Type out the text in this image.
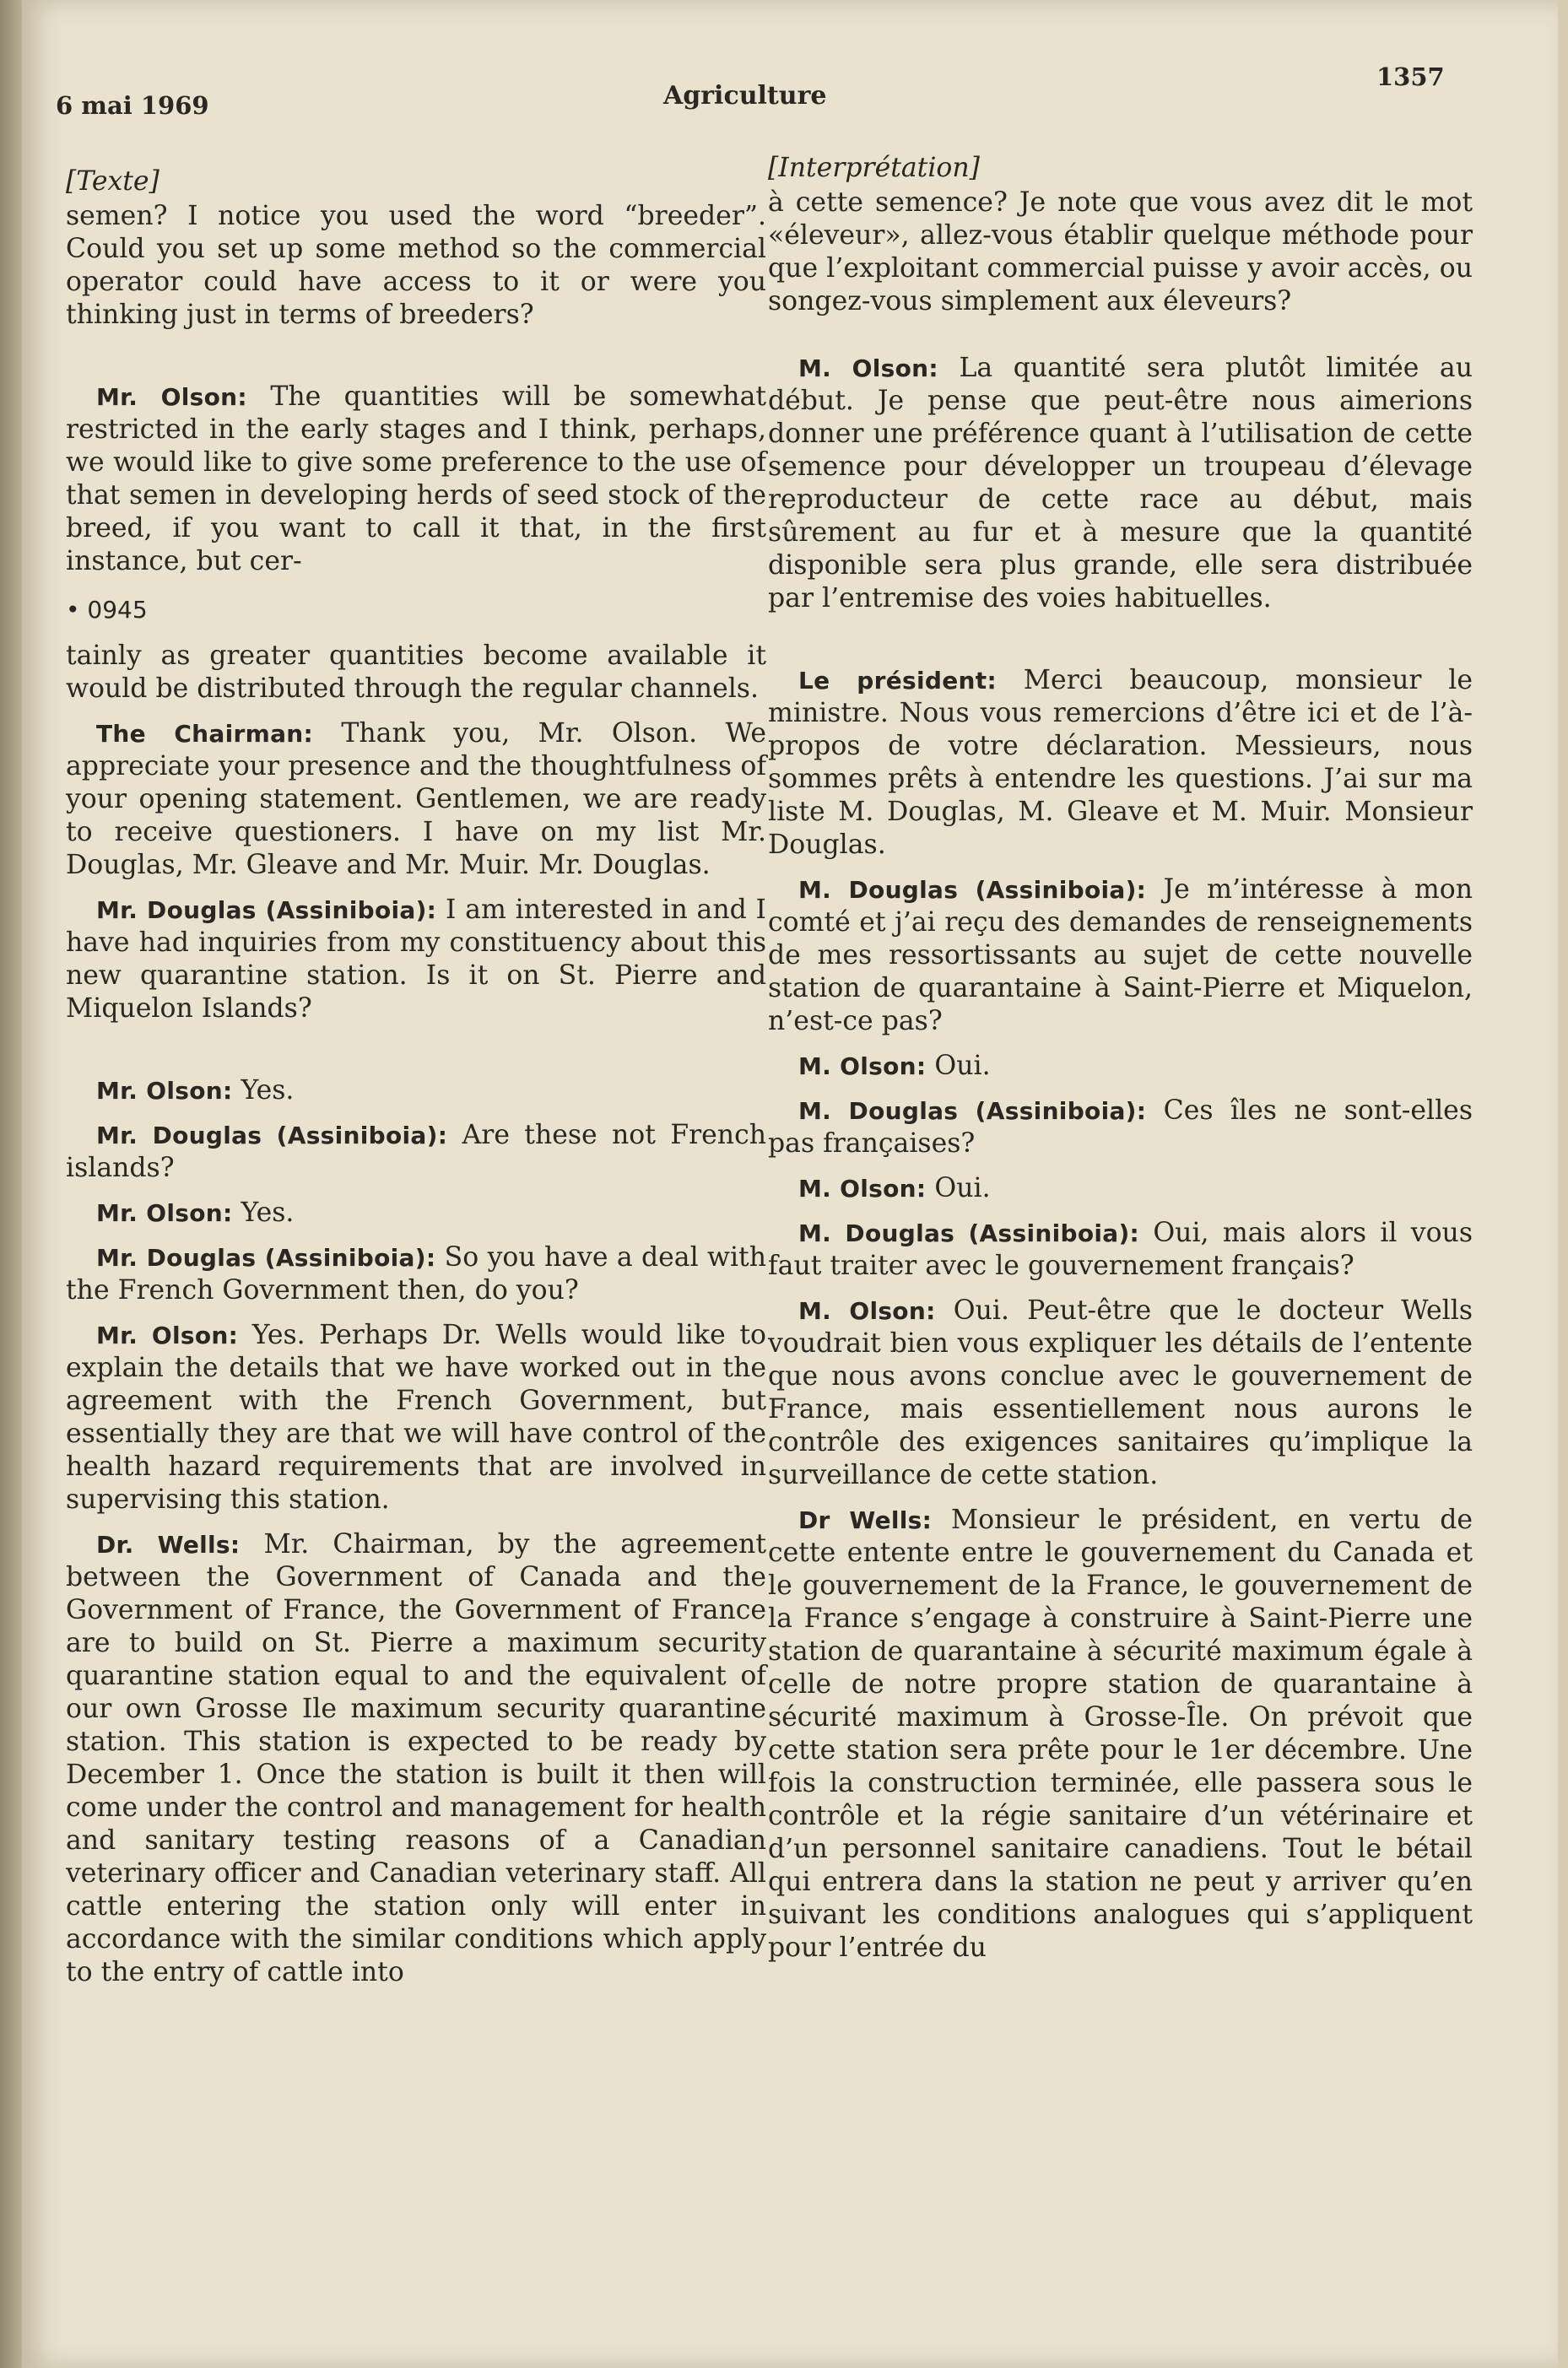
6 mai 1969	Agriculture
1357
[Texte]

semen? I notice you used the word “breeder”. Could you set up some method so the commercial operator could have access to it or were you thinking just in terms of breeders?

Mr. Olson: The quantities will be somewhat restricted in the early stages and I think, perhaps, we would like to give some preference to the use of that semen in developing herds of seed stock of the breed, if you want to call it that, in the first instance, but cer-

• 0945

tainly as greater quantities become available it would be distributed through the regular channels.

The Chairman: Thank you, Mr. Olson. We appreciate your presence and the thoughtfulness of your opening statement. Gentlemen, we are ready to receive questioners. I have on my list Mr. Douglas, Mr. Gleave and Mr. Muir. Mr. Douglas.

Mr. Douglas (Assiniboia): I am interested in and I have had inquiries from my constituency about this new quarantine station. Is it on St. Pierre and Miquelon Islands?

Mr. Olson: Yes.

Mr. Douglas (Assiniboia): Are these not French islands?

Mr. Olson: Yes.

Mr. Douglas (Assiniboia): So you have a deal with the French Government then, do you?

Mr. Olson: Yes. Perhaps Dr. Wells would like to explain the details that we have worked out in the agreement with the French Government, but essentially they are that we will have control of the health hazard requirements that are involved in supervising this station.

Dr. Wells: Mr. Chairman, by the agreement between the Government of Canada and the Government of France, the Government of France are to build on St. Pierre a maximum security quarantine station equal to and the equivalent of our own Grosse Ile maximum security quarantine station. This station is expected to be ready by December 1. Once the station is built it then will come under the control and management for health and sanitary testing reasons of a Canadian veterinary officer and Canadian veterinary staff. All cattle entering the station only will enter in accordance with the similar conditions which apply to the entry of cattle into

[Interprétation]

à cette semence? Je note que vous avez dit le mot «éleveur», allez-vous établir quelque méthode pour que l’exploitant commercial puisse y avoir accès, ou songez-vous simplement aux éleveurs?

M. Olson: La quantité sera plutôt limitée au début. Je pense que peut-être nous aimerions donner une préférence quant à l’utilisation de cette semence pour développer un troupeau d’élevage reproducteur de cette race au début, mais sûrement au fur et à mesure que la quantité disponible sera plus grande, elle sera distribuée par l’entremise des voies habituelles.

Le président: Merci beaucoup, monsieur le ministre. Nous vous remercions d’être ici et de l’à-propos de votre déclaration. Messieurs, nous sommes prêts à entendre les questions. J’ai sur ma liste M. Douglas, M. Gleave et M. Muir. Monsieur Douglas.

M. Douglas (Assiniboia): Je m’intéresse à mon comté et j’ai reçu des demandes de renseignements de mes ressortissants au sujet de cette nouvelle station de quarantaine à Saint-Pierre et Miquelon, n’est-ce pas?

M. Olson: Oui.

M. Douglas (Assiniboia): Ces îles ne sont-elles pas françaises?

M. Olson: Oui.

M. Douglas (Assiniboia): Oui, mais alors il vous faut traiter avec le gouvernement français?

M. Olson: Oui. Peut-être que le docteur Wells voudrait bien vous expliquer les détails de l’entente que nous avons conclue avec le gouvernement de France, mais essentiellement nous aurons le contrôle des exigences sanitaires qu’implique la surveillance de cette station.

Dr Wells: Monsieur le président, en vertu de cette entente entre le gouvernement du Canada et le gouvernement de la France, le gouvernement de la France s’engage à construire à Saint-Pierre une station de quarantaine à sécurité maximum égale à celle de notre propre station de quarantaine à sécurité maximum à Grosse-Île. On prévoit que cette station sera prête pour le 1er décembre. Une fois la construction terminée, elle passera sous le contrôle et la régie sanitaire d’un vétérinaire et d’un personnel sanitaire canadiens. Tout le bétail qui entrera dans la station ne peut y arriver qu’en suivant les conditions analogues qui s’appliquent pour l’entrée du
